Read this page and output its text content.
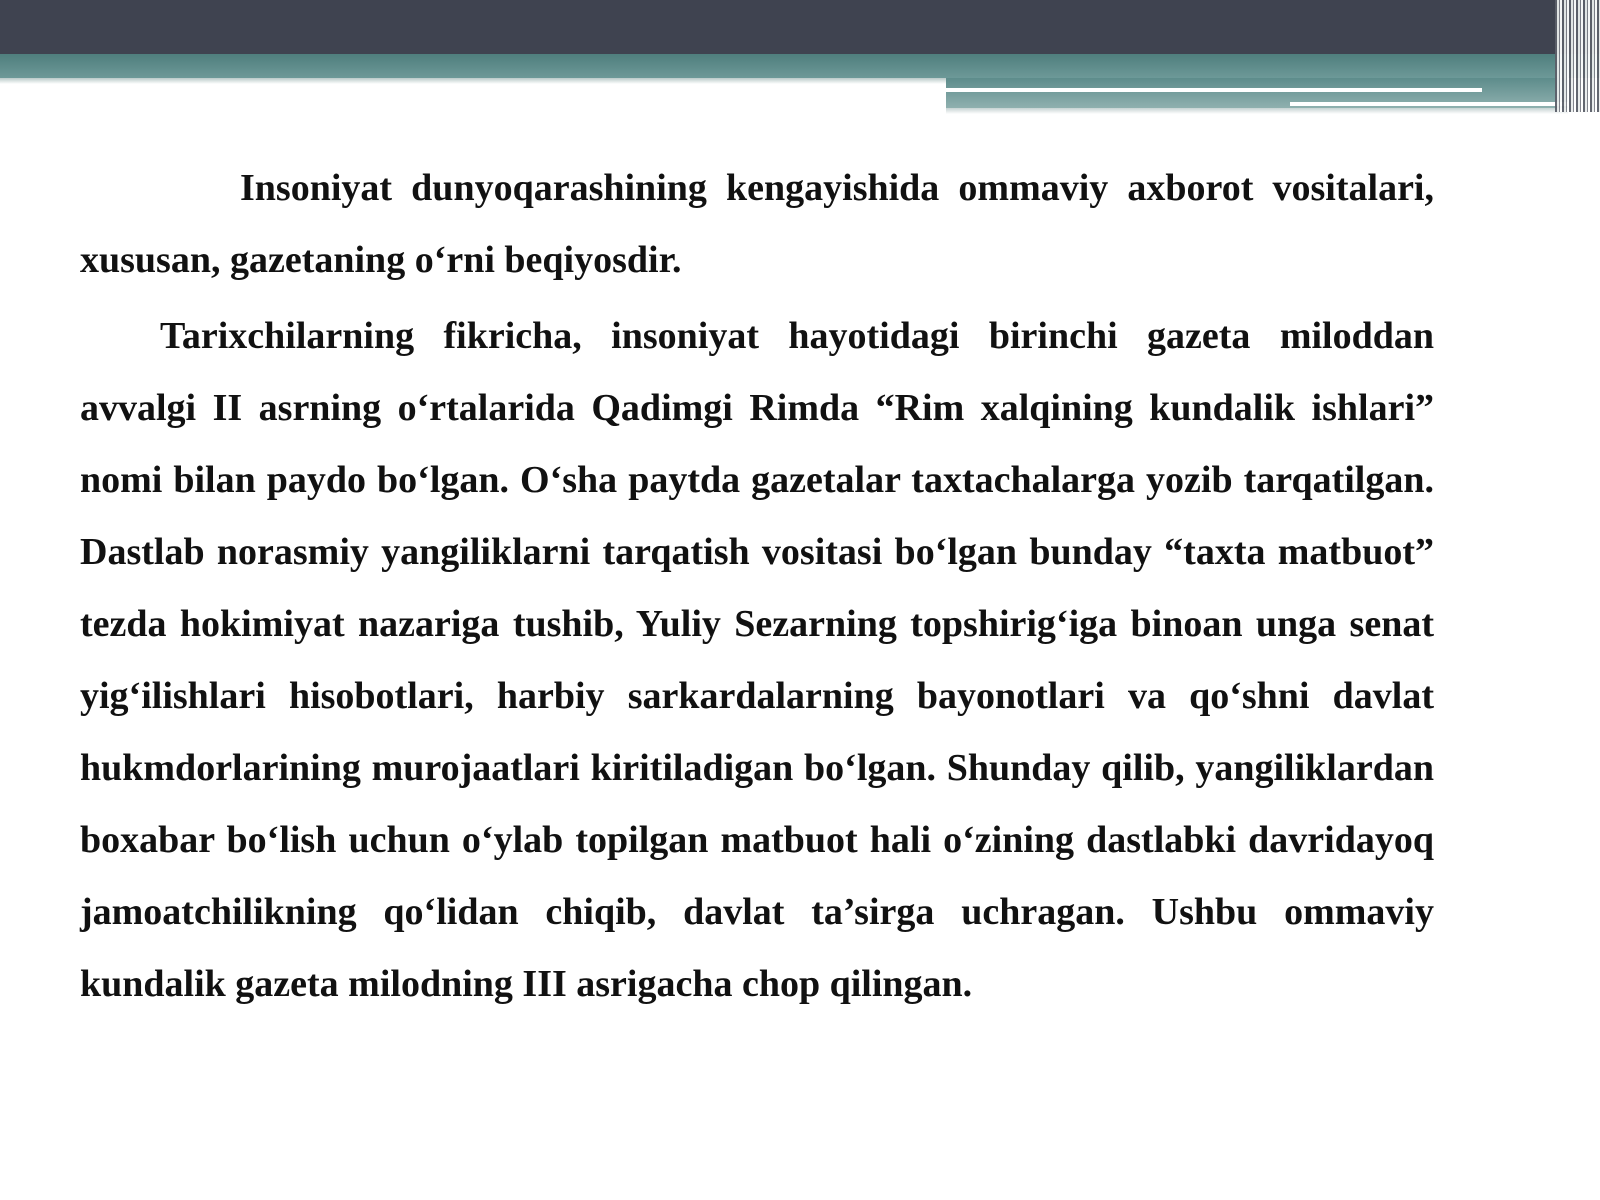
Insoniyat dunyoqarashining kengayishida ommaviy axborot vositalari, xususan, gazetaning o‘rni beqiyosdir.

Tarixchilarning fikricha, insoniyat hayotidagi birinchi gazeta miloddan avvalgi II asrning o‘rtalarida Qadimgi Rimda “Rim xalqining kundalik ishlari” nomi bilan paydo bo‘lgan. O‘sha paytda gazetalar taxtachalarga yozib tarqatilgan. Dastlab norasmiy yangiliklarni tarqatish vositasi bo‘lgan bunday “taxta matbuot” tezda hokimiyat nazariga tushib, Yuliy Sezarning topshirig‘iga binoan unga senat yig‘ilishlari hisobotlari, harbiy sarkardalarning bayonotlari va qo‘shni davlat hukmdorlarining murojaatlari kiritiladigan bo‘lgan. Shunday qilib, yangiliklardan boxabar bo‘lish uchun o‘ylab topilgan matbuot hali o‘zining dastlabki davridayoq jamoatchilikning qo‘lidan chiqib, davlat ta’sirga uchragan. Ushbu ommaviy kundalik gazeta milodning III asrigacha chop qilingan.
